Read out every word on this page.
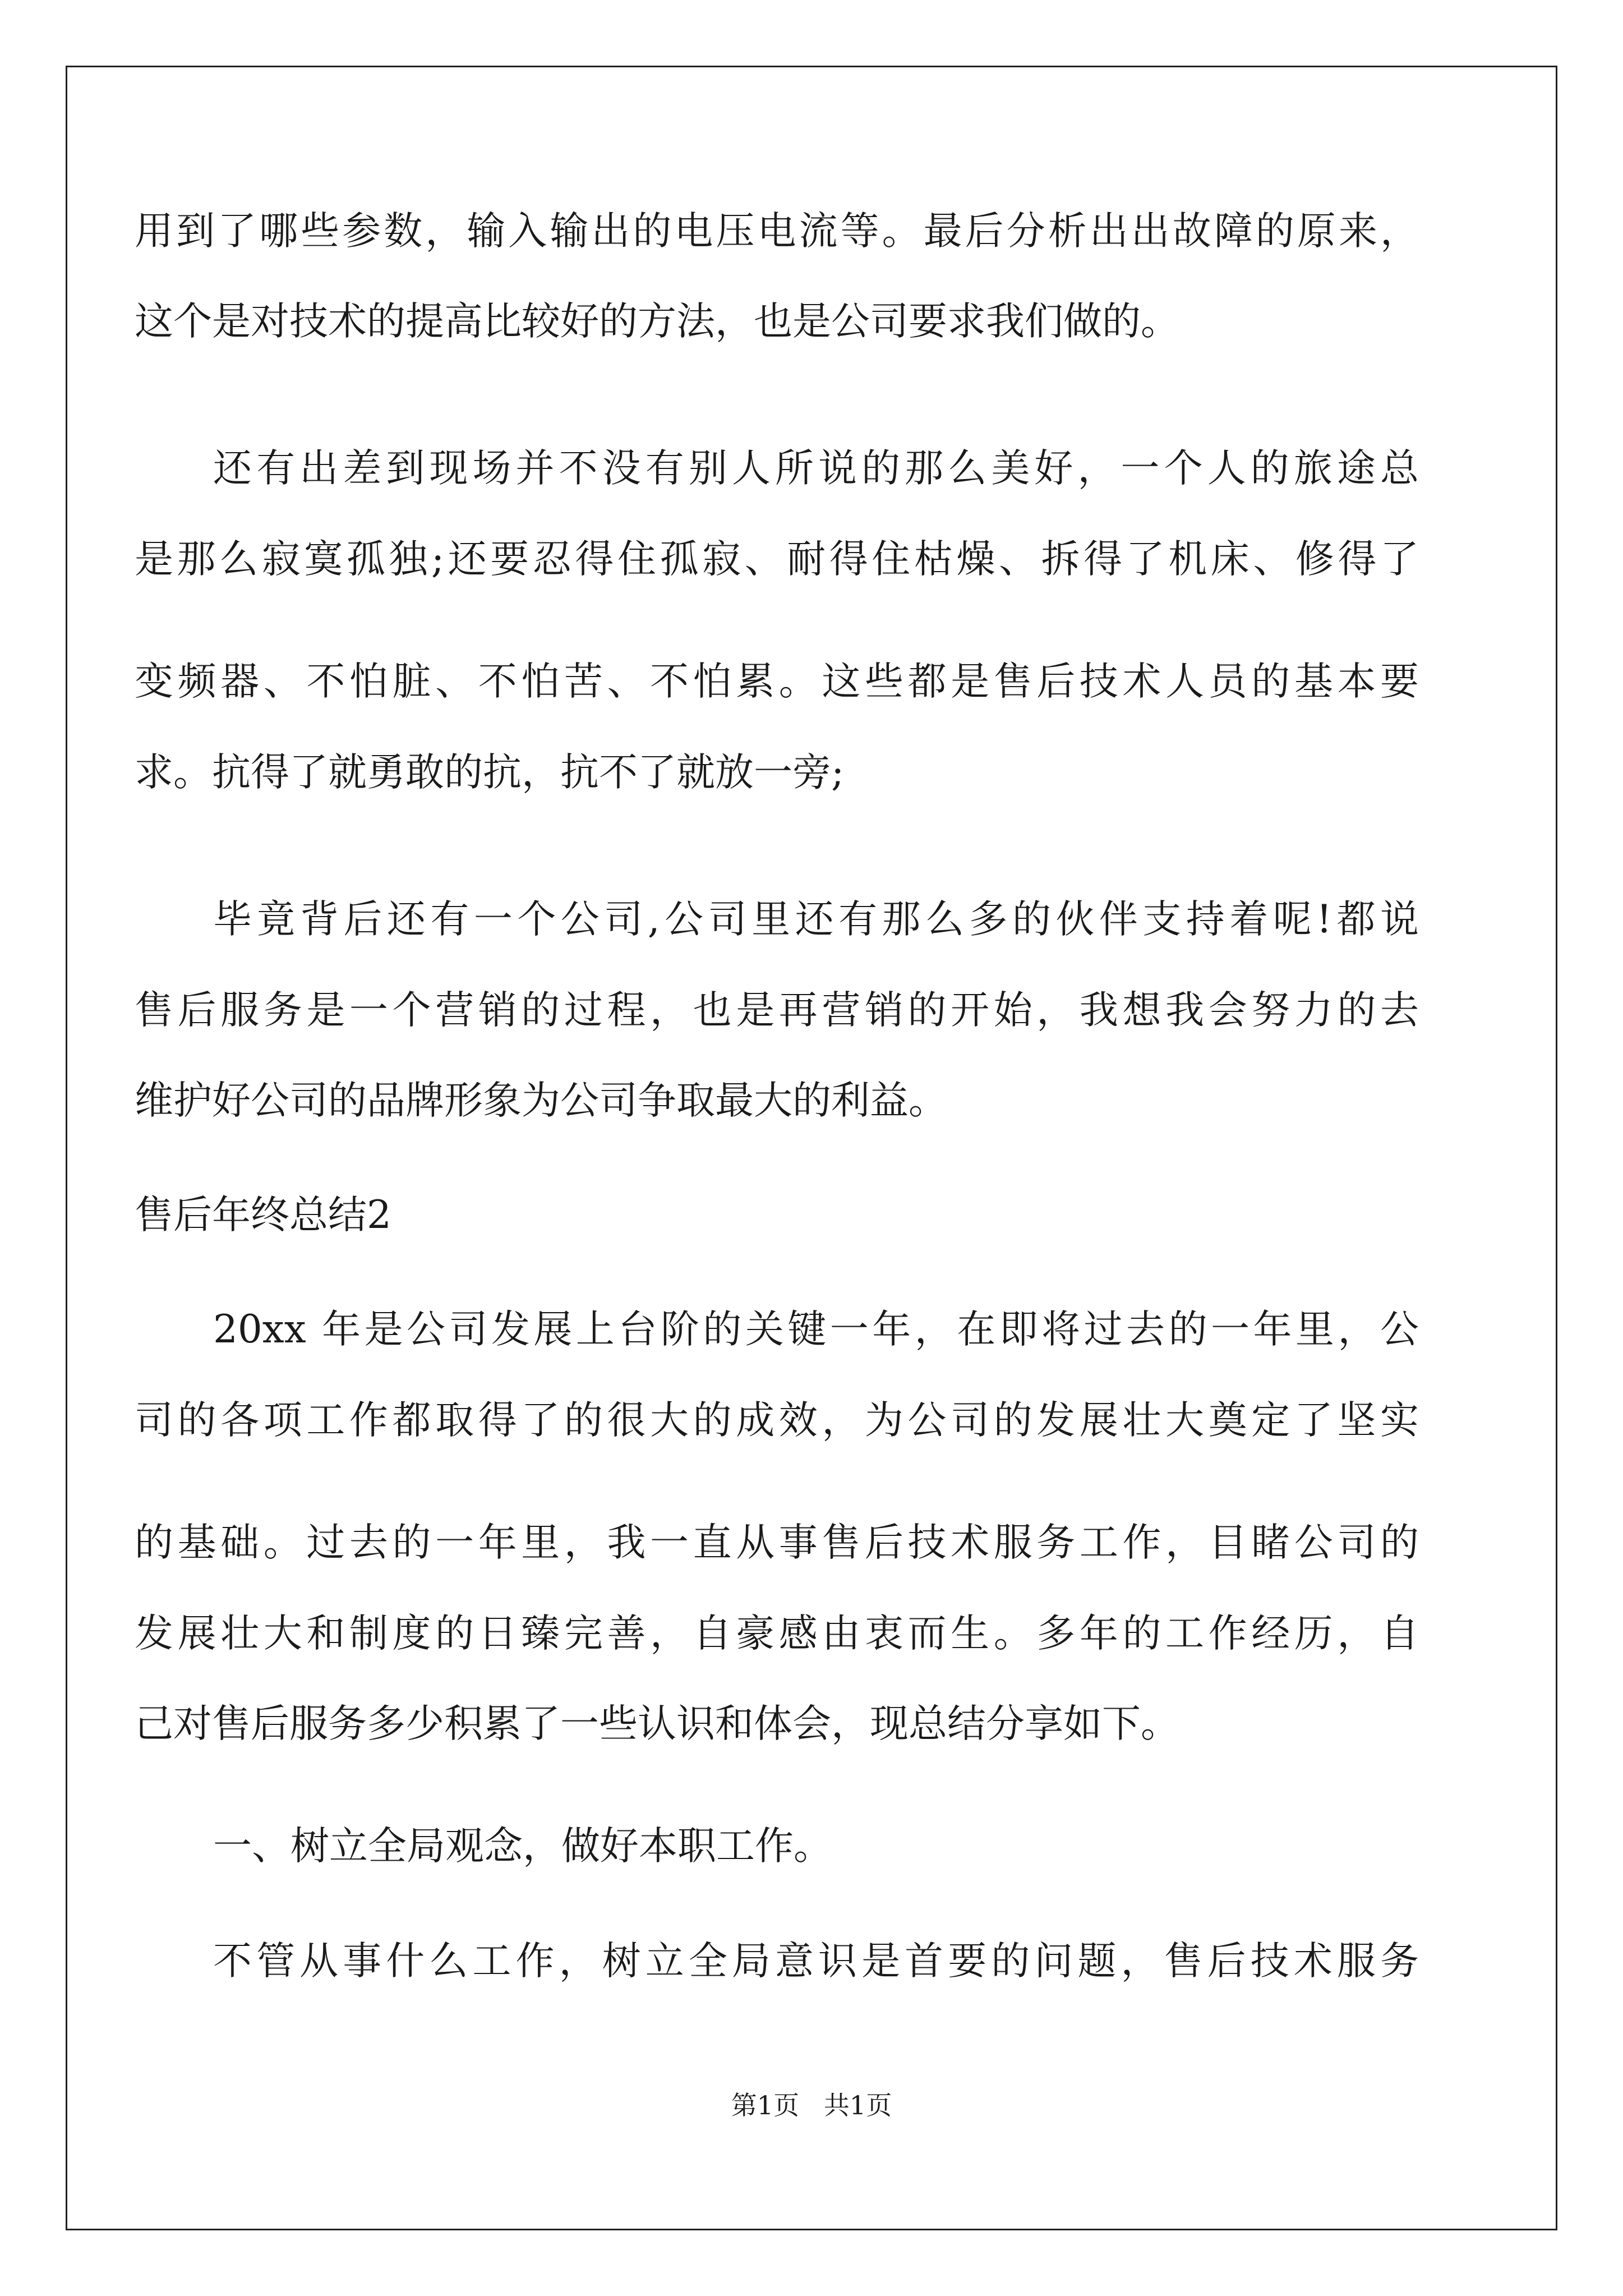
用到了哪些参数，输入输出的电压电流等。最后分析出出故障的原来，

这个是对技术的提高比较好的方法，也是公司要求我们做的。

还有出差到现场并不没有别人所说的那么美好，一个人的旅途总

是那么寂寞孤独;还要忍得住孤寂、耐得住枯燥、拆得了机床、修得了

变频器、不怕脏、不怕苦、不怕累。这些都是售后技术人员的基本要

求。抗得了就勇敢的抗，抗不了就放一旁;

毕竟背后还有一个公司,公司里还有那么多的伙伴支持着呢!都说

售后服务是一个营销的过程，也是再营销的开始，我想我会努力的去

维护好公司的品牌形象为公司争取最大的利益。

售后年终总结2

20xx 年是公司发展上台阶的关键一年，在即将过去的一年里，公

司的各项工作都取得了的很大的成效，为公司的发展壮大奠定了坚实

的基础。过去的一年里，我一直从事售后技术服务工作，目睹公司的

发展壮大和制度的日臻完善，自豪感由衷而生。多年的工作经历，自

己对售后服务多少积累了一些认识和体会，现总结分享如下。

一、树立全局观念，做好本职工作。

不管从事什么工作，树立全局意识是首要的问题，售后技术服务

第1页   共1页
